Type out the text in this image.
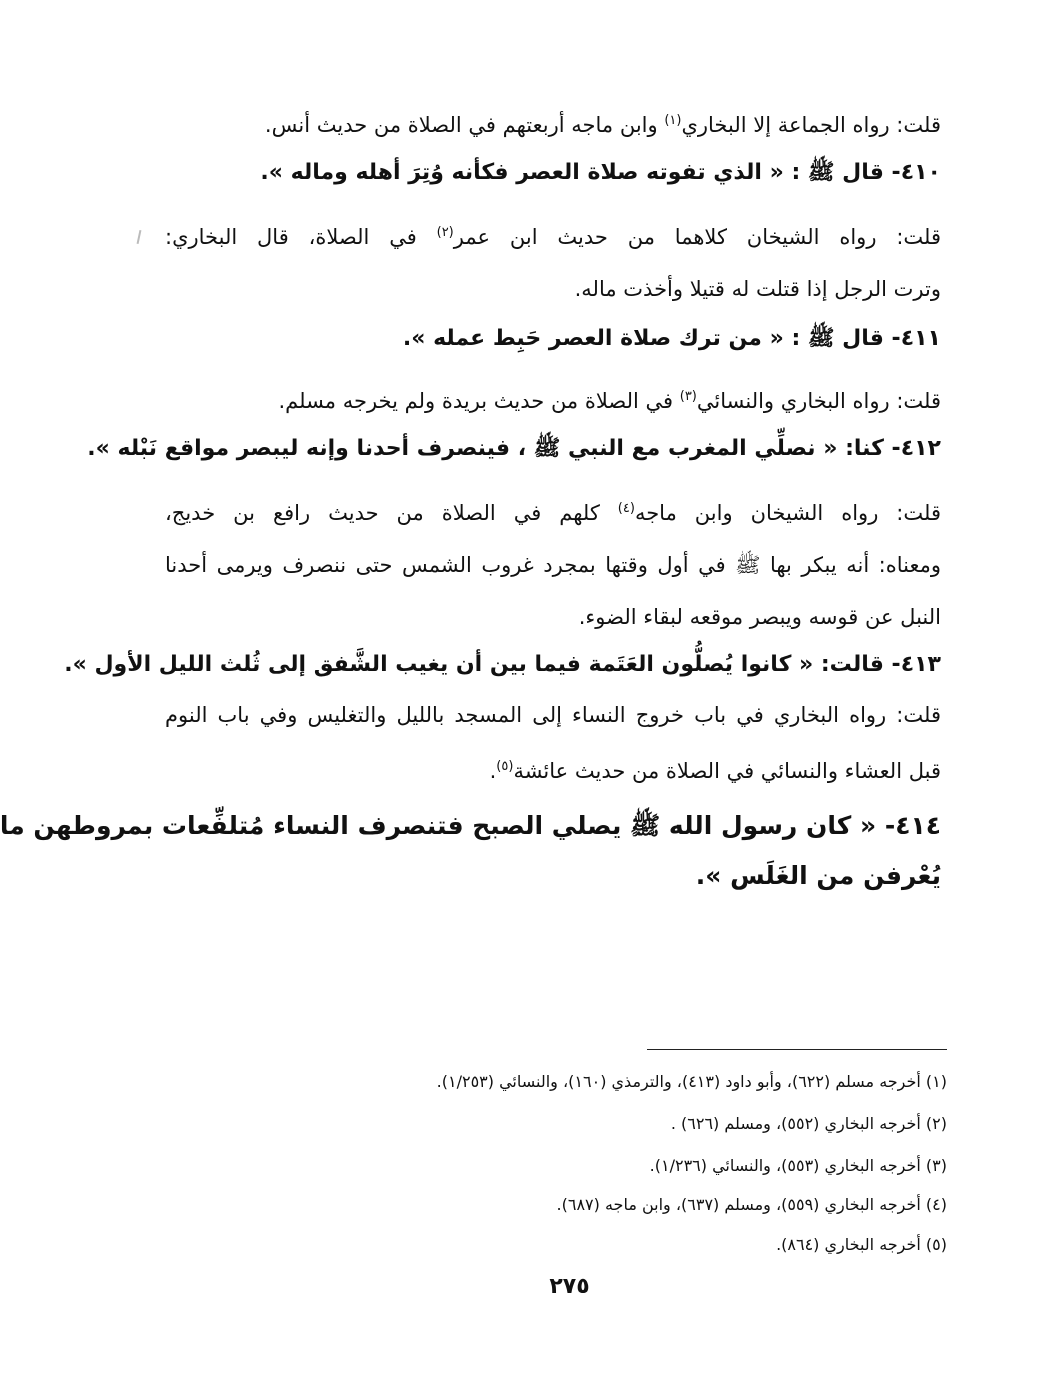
قلت: رواه الجماعة إلا البخاري$^{(١)}$ وابن ماجه أربعتهم في الصلاة من حديث أنس.
٤١٠- قال ﷺ : « الذي تفوته صلاة العصر فكأنه وُتِرَ أهله وماله ».
قلت: رواه الشيخان كلاهما من حديث ابن عمر$^{(٢)}$ في الصلاة، قال البخاري:
وترت الرجل إذا قتلت له قتيلا وأخذت ماله.
٤١١- قال ﷺ : « من ترك صلاة العصر حَبِط عمله ».
قلت: رواه البخاري والنسائي$^{(٣)}$ في الصلاة من حديث بريدة ولم يخرجه مسلم.
٤١٢- كنا: « نصلِّي المغرب مع النبي ﷺ ، فينصرف أحدنا وإنه ليبصر مواقع نَبْله ».
قلت: رواه الشيخان وابن ماجه$^{(٤)}$ كلهم في الصلاة من حديث رافع بن خديج،
ومعناه: أنه يبكر بها ﷺ في أول وقتها بمجرد غروب الشمس حتى ننصرف ويرمى أحدنا
النبل عن قوسه ويبصر موقعه لبقاء الضوء.
٤١٣- قالت: « كانوا يُصلُّون العَتَمة فيما بين أن يغيب الشَّفق إلى ثُلث الليل الأول ».
قلت: رواه البخاري في باب خروج النساء إلى المسجد بالليل والتغليس وفي باب النوم
قبل العشاء والنسائي في الصلاة من حديث عائشة$^{(٥)}$.
٤١٤- « كان رسول الله ﷺ يصلي الصبح فتنصرف النساء مُتلفِّعات بمروطهن ما
يُعْرفن من الغَلَس ».
(١) أخرجه مسلم (٦٢٢)، وأبو داود (٤١٣)، والترمذي (١٦٠)، والنسائي (١/٢٥٣).
(٢) أخرجه البخاري (٥٥٢)، ومسلم (٦٢٦) .
(٣) أخرجه البخاري (٥٥٣)، والنسائي (١/٢٣٦).
(٤) أخرجه البخاري (٥٥٩)، ومسلم (٦٣٧)، وابن ماجه (٦٨٧).
(٥) أخرجه البخاري (٨٦٤).
٢٧٥
